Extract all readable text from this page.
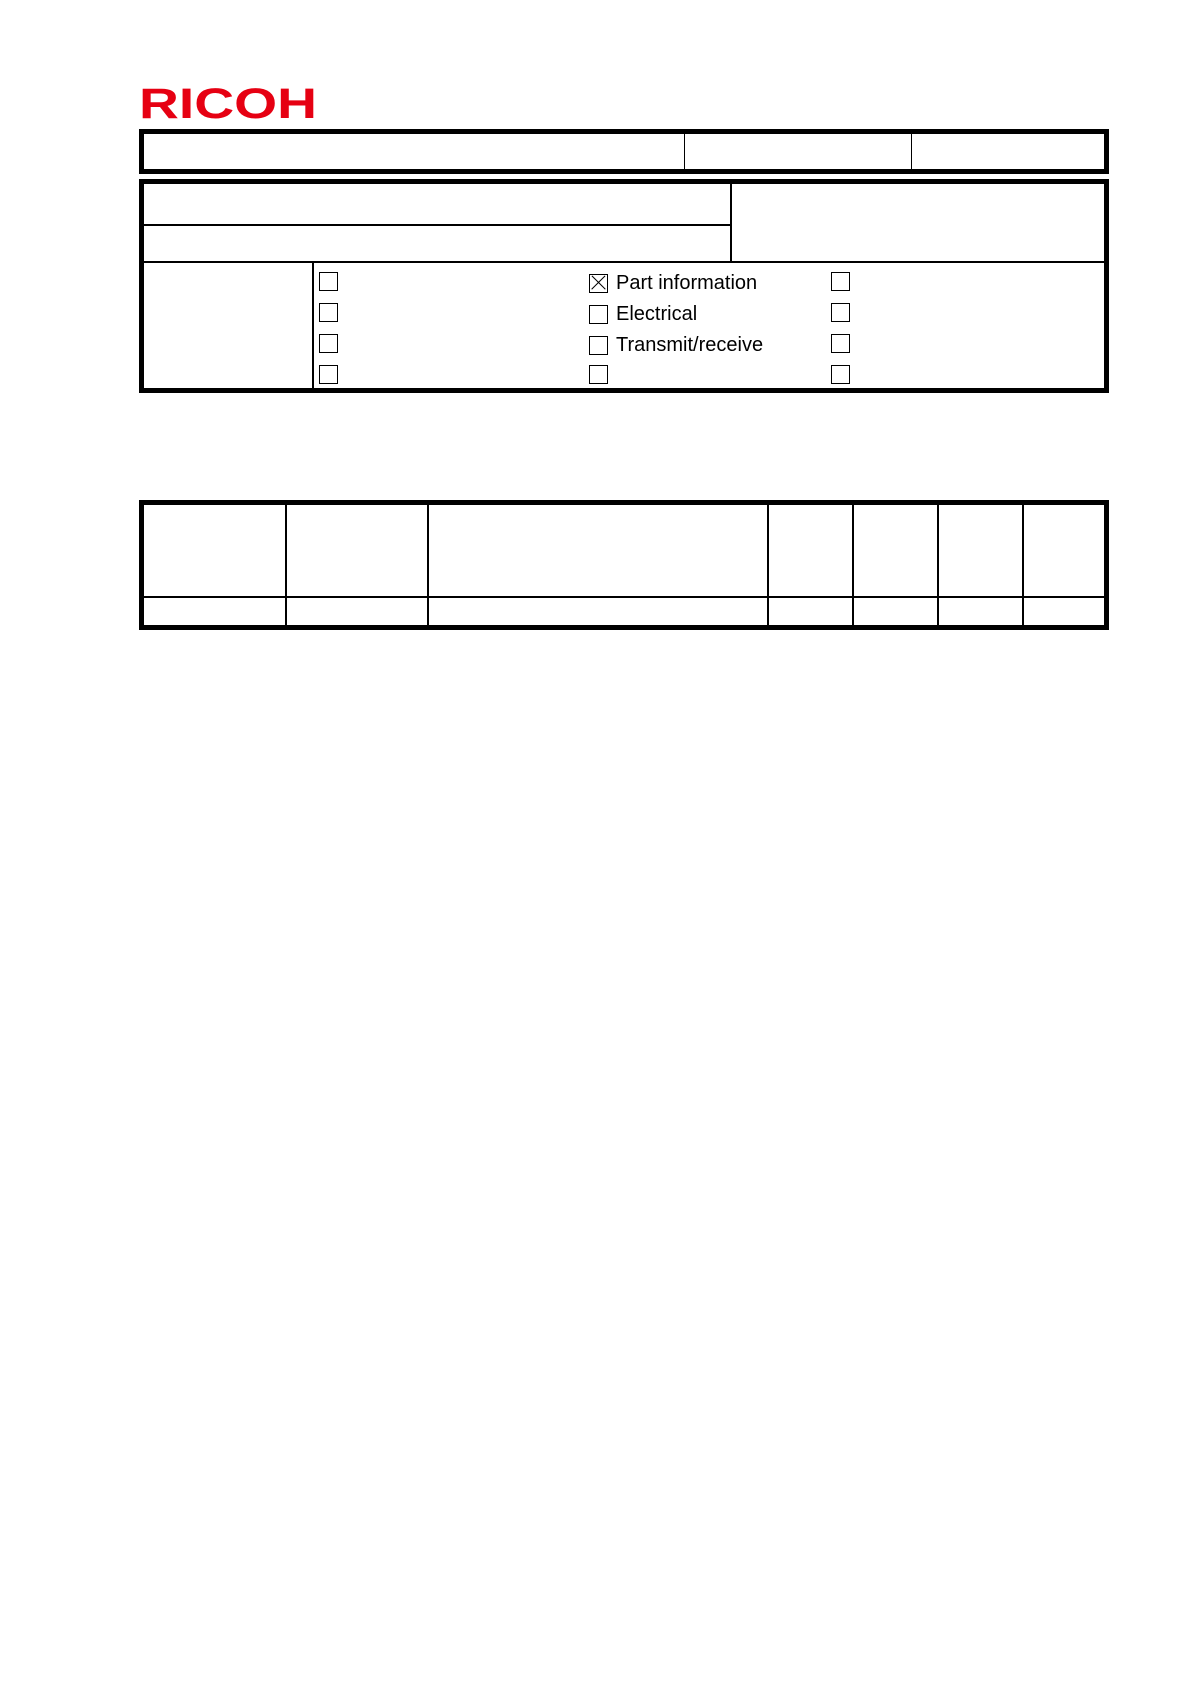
RICOH
Part information
Electrical
Transmit/receive
